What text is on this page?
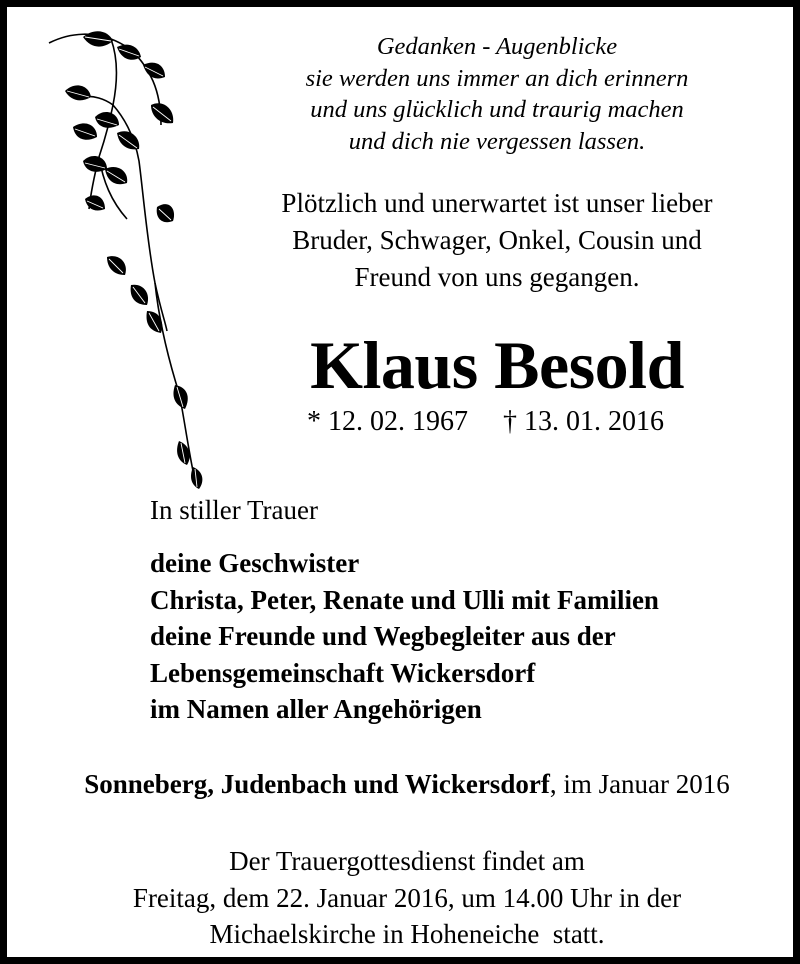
Gedanken - Augenblicke
sie werden uns immer an dich erinnern
und uns glücklich und traurig machen
und dich nie vergessen lassen.
Plötzlich und unerwartet ist unser lieber
Bruder, Schwager, Onkel, Cousin und
Freund von uns gegangen.
Klaus Besold
* 12. 02. 1967 † 13. 01. 2016
In stiller Trauer
deine Geschwister
Christa, Peter, Renate und Ulli mit Familien
deine Freunde und Wegbegleiter aus der
Lebensgemeinschaft Wickersdorf
im Namen aller Angehörigen
Sonneberg, Judenbach und Wickersdorf, im Januar 2016
Der Trauergottesdienst findet am
Freitag, dem 22. Januar 2016, um 14.00 Uhr in der
Michaelskirche in Hoheneiche  statt.
